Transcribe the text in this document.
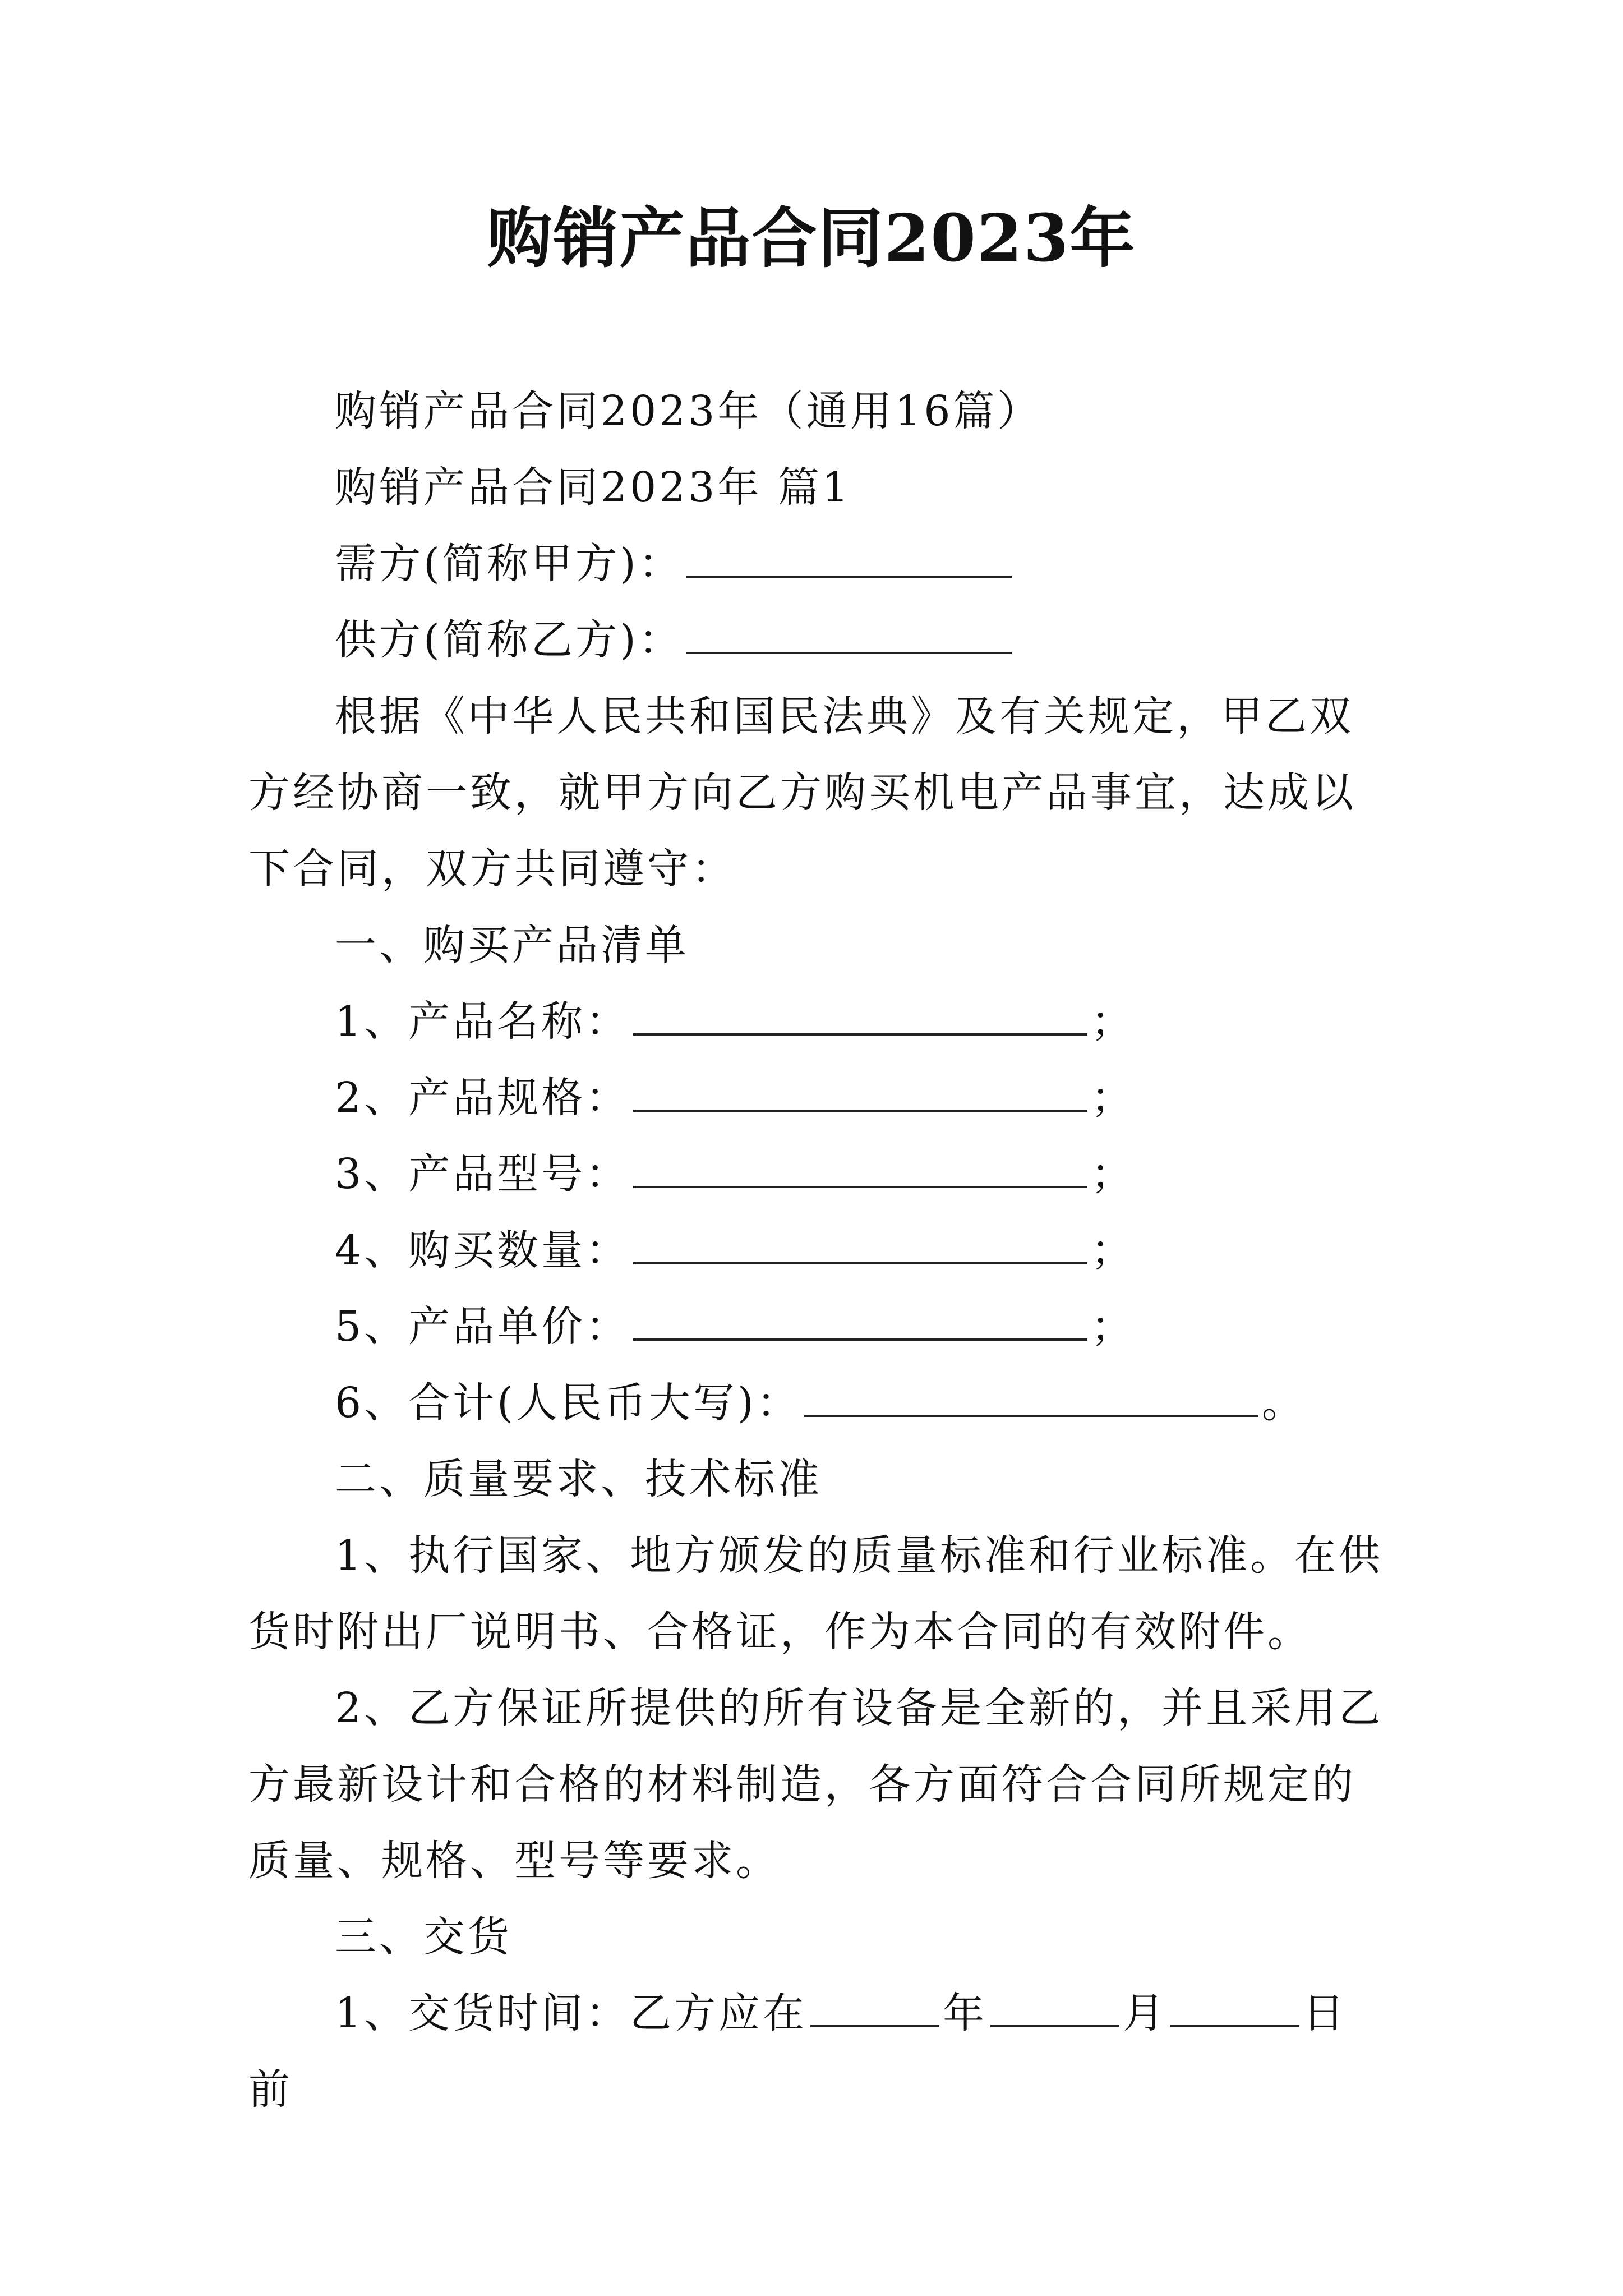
购销产品合同2023年

购销产品合同2023年（通用16篇）

购销产品合同2023年 篇1

需方(简称甲方)：

供方(简称乙方)：

根据《中华人民共和国民法典》及有关规定，甲乙双方经协商一致，就甲方向乙方购买机电产品事宜，达成以下合同，双方共同遵守：

一、购买产品清单

1、产品名称：	；

2、产品规格：	；

3、产品型号：	；

4、购买数量：	；

5、产品单价：	；

6、合计(人民币大写)：	。

二、质量要求、技术标准

1、执行国家、地方颁发的质量标准和行业标准。在供货时附出厂说明书、合格证，作为本合同的有效附件。

2、乙方保证所提供的所有设备是全新的，并且采用乙方最新设计和合格的材料制造，各方面符合合同所规定的质量、规格、型号等要求。

三、交货

1、交货时间：乙方应在	年	月	日前
